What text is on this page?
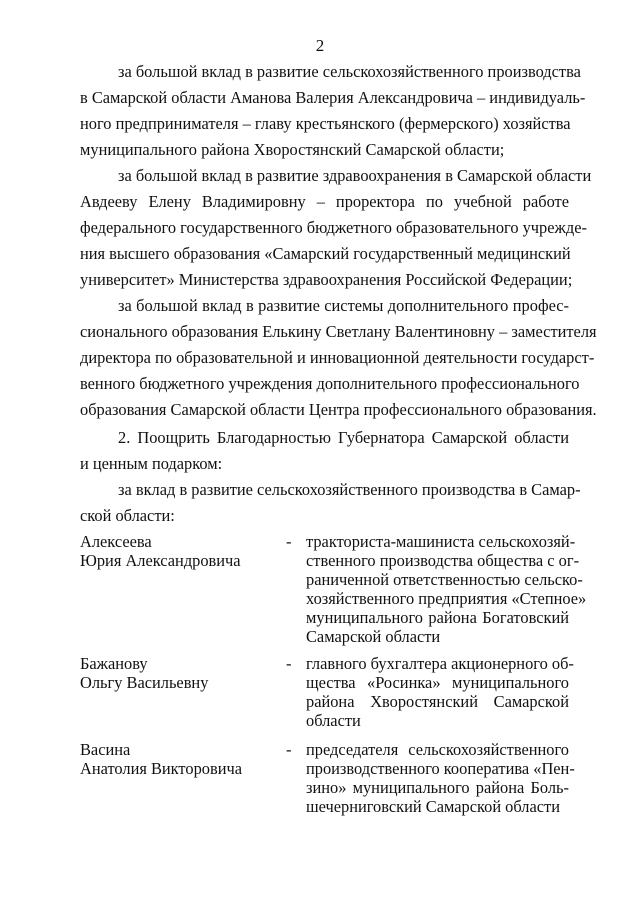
2
за большой вклад в развитие сельскохозяйственного производства
в Самарской области Аманова Валерия Александровича – индивидуаль-
ного предпринимателя – главу крестьянского (фермерского) хозяйства
муниципального района Хворостянский Самарской области;
за большой вклад в развитие здравоохранения в Самарской области
Авдееву Елену Владимировну – проректора по учебной работе
федерального государственного бюджетного образовательного учрежде-
ния высшего образования «Самарский государственный медицинский
университет» Министерства здравоохранения Российской Федерации;
за большой вклад в развитие системы дополнительного профес-
сионального образования Елькину Светлану Валентиновну – заместителя
директора по образовательной и инновационной деятельности государст-
венного бюджетного учреждения дополнительного профессионального
образования Самарской области Центра профессионального образования.
2. Поощрить Благодарностью Губернатора Самарской области
и ценным подарком:
за вклад в развитие сельскохозяйственного производства в Самар-
ской области:
Алексеева
Юрия Александровича
- тракториста-машиниста сельскохозяй-
ственного производства общества с ог-
раниченной ответственностью сельско-
хозяйственного предприятия «Степное»
муниципального района Богатовский
Самарской области
Бажанову
Ольгу Васильевну
- главного бухгалтера акционерного об-
щества «Росинка» муниципального
района Хворостянский Самарской
области
Васина
Анатолия Викторовича
- председателя сельскохозяйственного
производственного кооператива «Пен-
зино» муниципального района Боль-
шечерниговский Самарской области
